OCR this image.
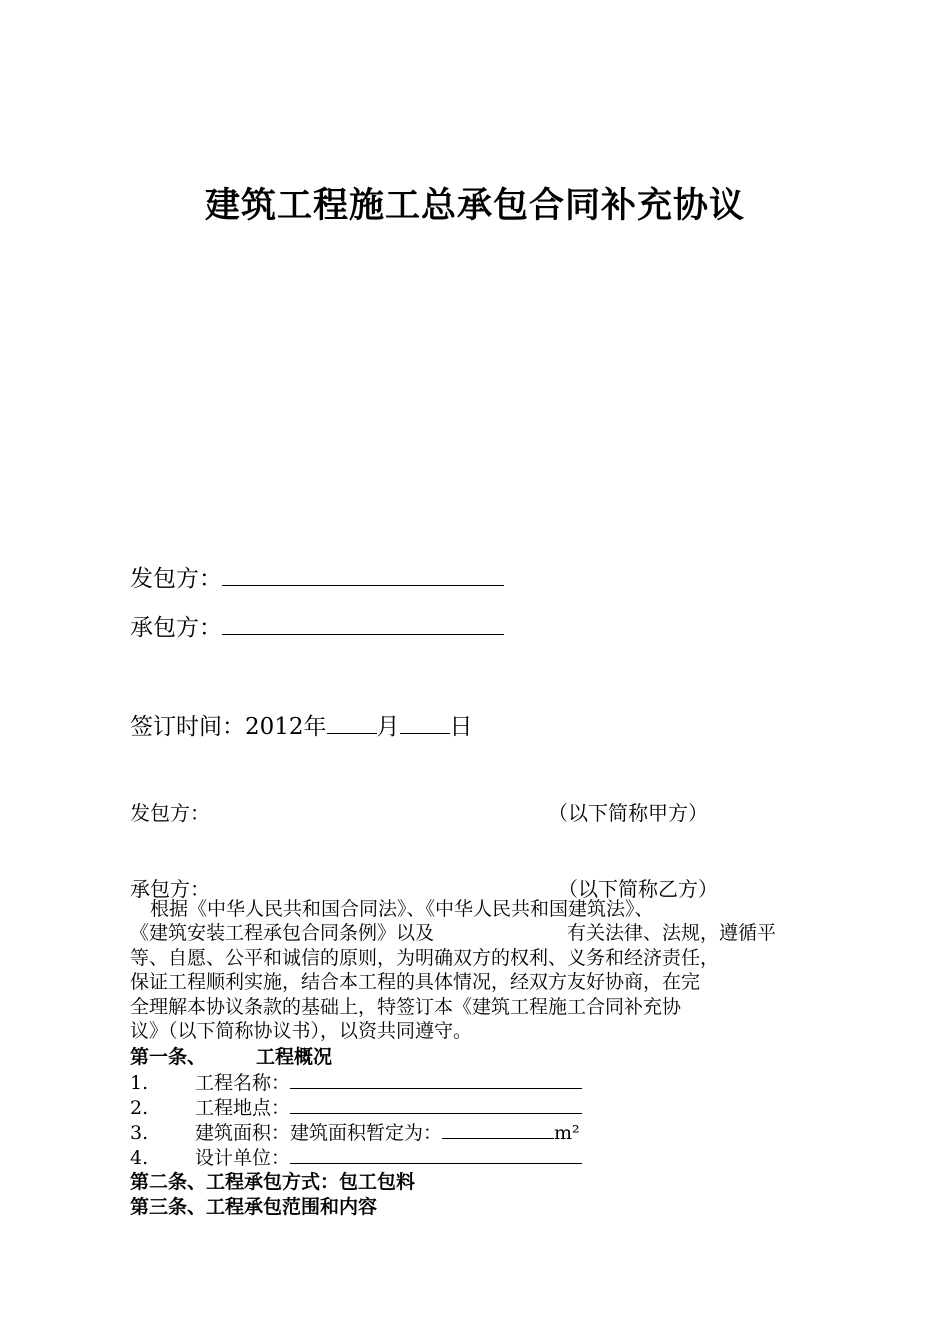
建筑工程施工总承包合同补充协议
发包方：
承包方：
签订时间：2012年 月 日
发包方：	（以下简称甲方）
承包方：	（以下简称乙方）
根据《中华人民共和国合同法》、《中华人民共和国建筑法》、
《建筑安装工程承包合同条例》以及	有关法律、法规，遵循平
等、自愿、公平和诚信的原则，为明确双方的权利、义务和经济责任，
保证工程顺利实施，结合本工程的具体情况，经双方友好协商，在完
全理解本协议条款的基础上，特签订本《建筑工程施工合同补充协
议》（以下简称协议书），以资共同遵守。
第一条、	工程概况
1. 工程名称：
2. 工程地点：
3. 建筑面积：建筑面积暂定为：	m²
4. 设计单位：
第二条、工程承包方式：包工包料
第三条、工程承包范围和内容
